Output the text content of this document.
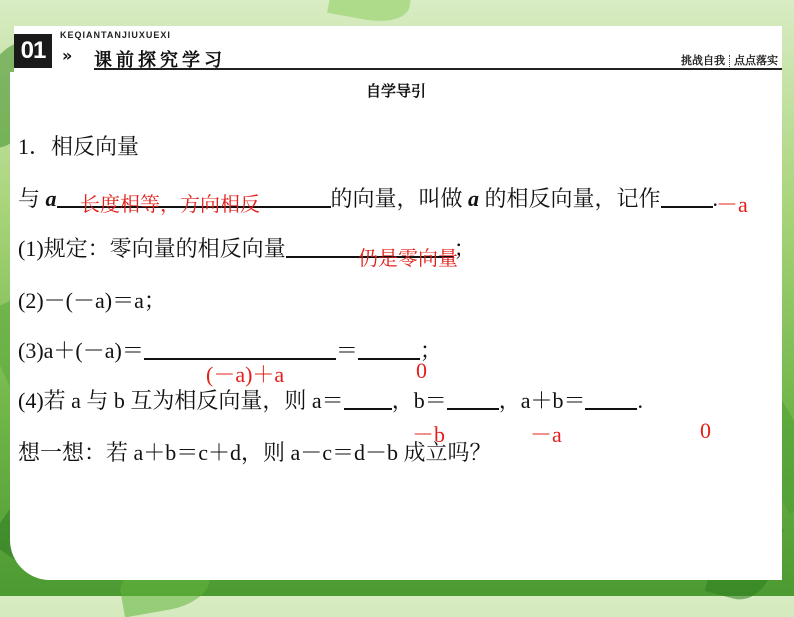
01
KEQIANTANJIUXUEXI
» 课前探究学习	挑战自我 点点落实
自学导引
1．相反向量
与 a	的向量，叫做 a 的相反向量，记作 .
长度相等，方向相反	－a
(1)规定：零向量的相反向量	；
仍是零向量
(2)－(－a)＝a；
(3)a＋(－a)＝	＝	；
(－a)＋a	0
(4)若 a 与 b 互为相反向量，则 a＝ ，b＝ ，a＋b＝ .
－b	－a	0
想一想：若 a＋b＝c＋d，则 a－c＝d－b 成立吗？
